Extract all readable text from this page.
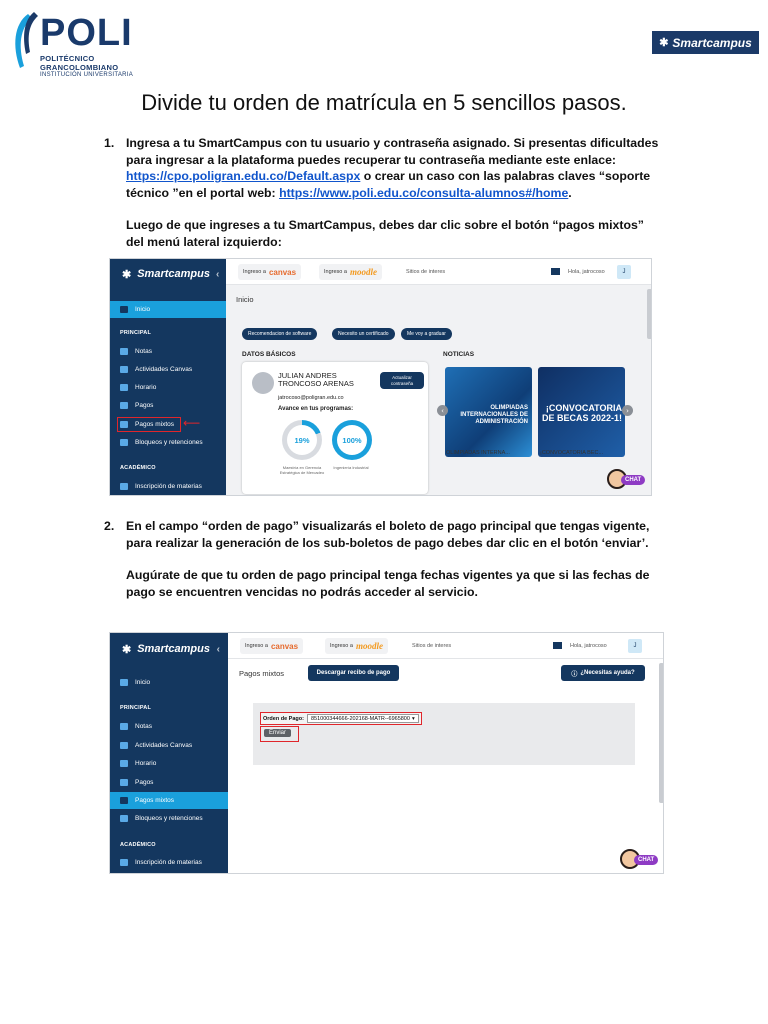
POLI
POLITÉCNICO
GRANCOLOMBIANO
INSTITUCIÓN UNIVERSITARIA
✱ Smartcampus
Divide tu orden de matrícula en 5 sencillos pasos.
1. Ingresa a tu SmartCampus con tu usuario y contraseña asignado. Si presentas dificultades para ingresar a la plataforma puedes recuperar tu contraseña mediante este enlace: https://cpo.poligran.edu.co/Default.aspx o crear un caso con las palabras claves “soporte técnico ”en el portal web: https://www.poli.edu.co/consulta-alumnos#/home.

Luego de que ingreses a tu SmartCampus, debes dar clic sobre el botón “pagos mixtos” del menú lateral izquierdo:

✱ Smartcampus ‹
Inicio
PRINCIPAL
Notas
Actividades Canvas
Horario
Pagos
Pagos mixtos ⟵
Bloqueos y retenciones
ACADÉMICO
Inscripción de materias
Ingreso a canvas	Ingreso a moodle	Sitios de interes	Hola, jatrocoso	J
Inicio
Recomendacion de software	Necesito un certificado	Me voy a graduar
DATOS BÁSICOS	NOTICIAS
JULIAN ANDRES
TRONCOSO ARENAS
Actualizar contraseña
jatrocoso@poligran.edu.co
Avance en tus programas:
19%	100%
Maestría en Gerencia Estratégica de Mercadeo
Ingeniería Industrial
OLIMPIADAS INTERNACIONALES DE ADMINISTRACIÓN
OLIMPIADAS INTERNA...
¡CONVOCATORIA DE BECAS 2022-1!
¡CONVOCATORIA BEC...
‹	›
CHAT
2. En el campo “orden de pago” visualizarás el boleto de pago principal que tengas vigente, para realizar la generación de los sub-boletos de pago debes dar clic en el botón ‘enviar’.

Augúrate de que tu orden de pago principal tenga fechas vigentes ya que si las fechas de pago se encuentren vencidas no podrás acceder al servicio.

✱ Smartcampus ‹
Inicio
PRINCIPAL
Notas
Actividades Canvas
Horario
Pagos
Pagos mixtos
Bloqueos y retenciones
ACADÉMICO
Inscripción de materias
Ingreso a canvas	Ingreso a moodle	Sitios de interes	Hola, jatrocoso	J
Pagos mixtos	Descargar recibo de pago	ⓘ ¿Necesitas ayuda?
Orden de Pago: 851000344666-202168-MATR--6965800 ▾
Enviar
CHAT
